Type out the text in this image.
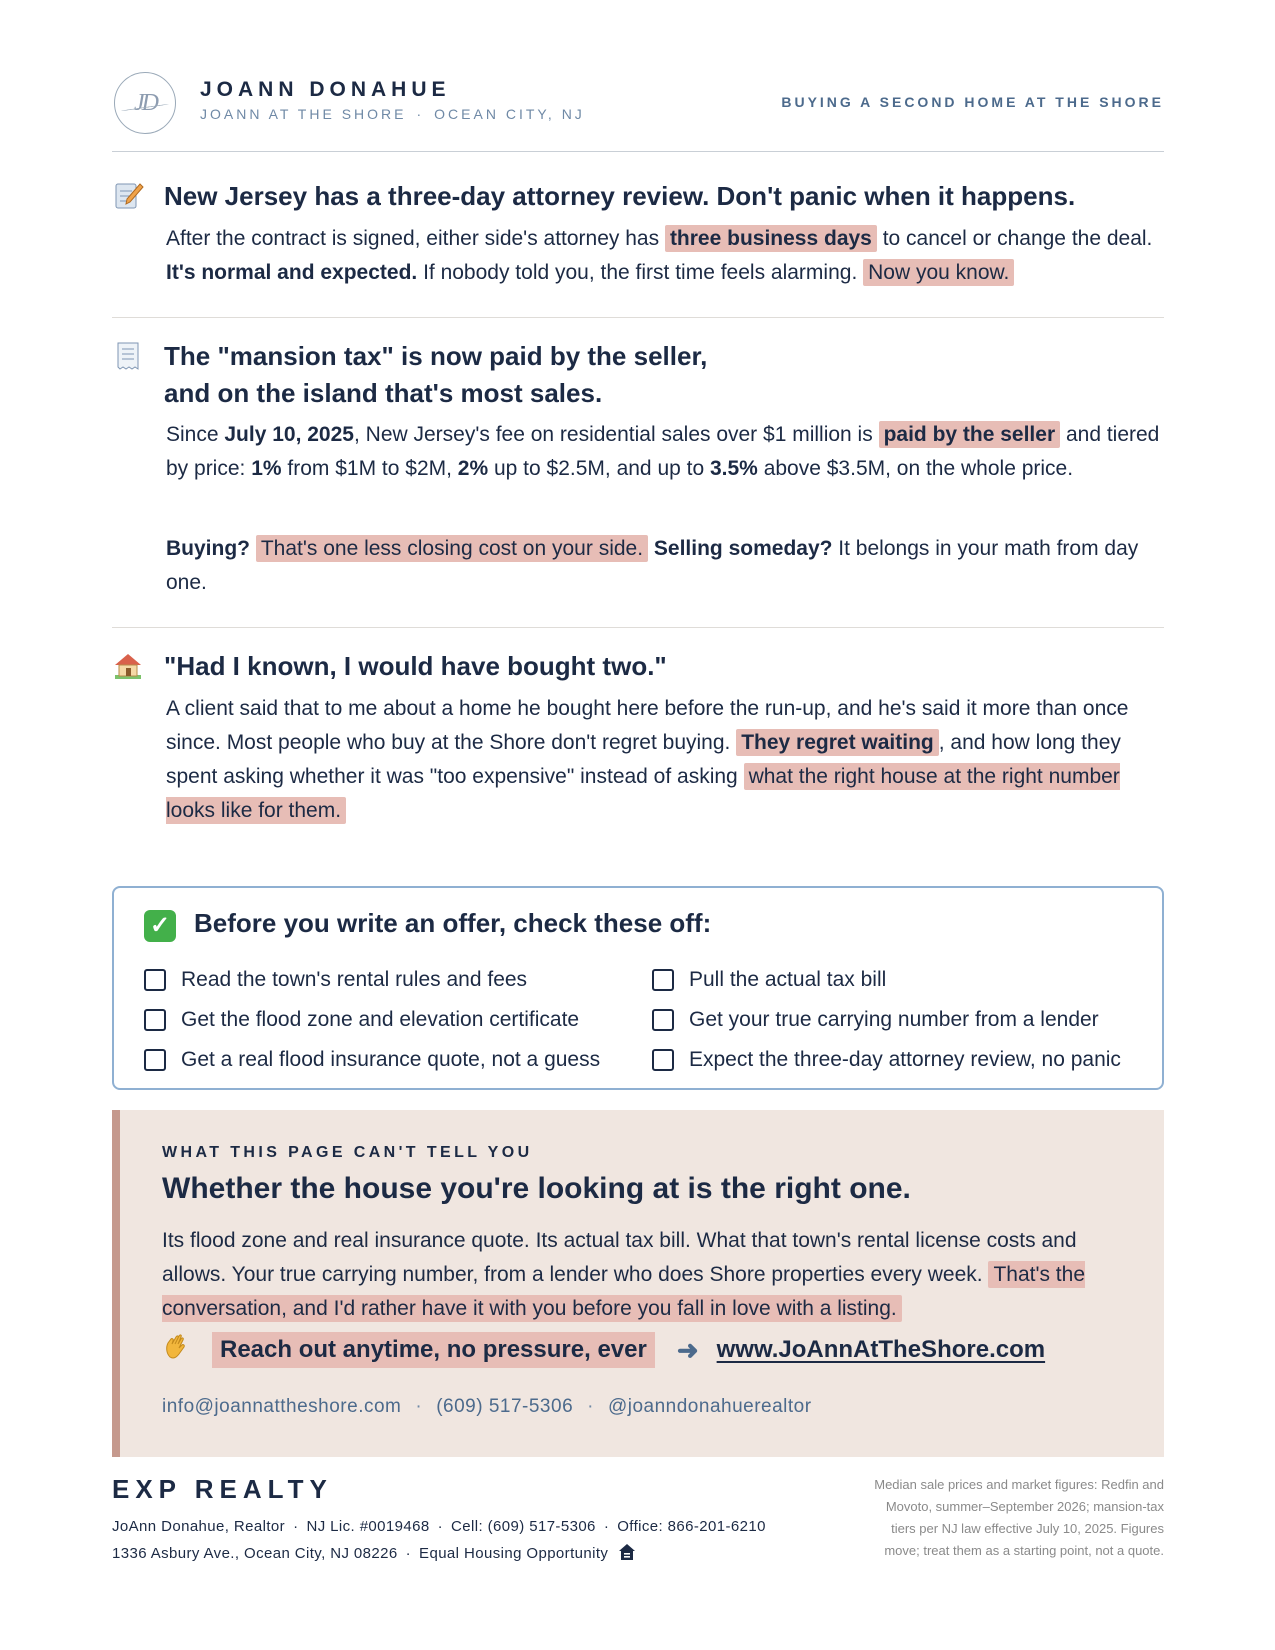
JD JOANN DONAHUE
JOANN AT THE SHORE · OCEAN CITY, NJ
BUYING A SECOND HOME AT THE SHORE
New Jersey has a three-day attorney review. Don't panic when it happens.
After the contract is signed, either side's attorney has three business days to cancel or change the deal. It's normal and expected. If nobody told you, the first time feels alarming. Now you know.
The "mansion tax" is now paid by the seller,
and on the island that's most sales.
Since July 10, 2025, New Jersey's fee on residential sales over $1 million is paid by the seller and tiered by price: 1% from $1M to $2M, 2% up to $2.5M, and up to 3.5% above $3.5M, on the whole price.
Buying? That's one less closing cost on your side. Selling someday? It belongs in your math from day one.
"Had I known, I would have bought two."
A client said that to me about a home he bought here before the run-up, and he's said it more than once since. Most people who buy at the Shore don't regret buying. They regret waiting , and how long they spent asking whether it was "too expensive" instead of asking what the right house at the right number looks like for them.
✓ Before you write an offer, check these off:
Read the town's rental rules and fees
Get the flood zone and elevation certificate
Get a real flood insurance quote, not a guess
Pull the actual tax bill
Get your true carrying number from a lender
Expect the three-day attorney review, no panic
WHAT THIS PAGE CAN'T TELL YOU
Whether the house you're looking at is the right one.
Its flood zone and real insurance quote. Its actual tax bill. What that town's rental license costs and allows. Your true carrying number, from a lender who does Shore properties every week. That's the conversation, and I'd rather have it with you before you fall in love with a listing.
Reach out anytime, no pressure, ever	➜ www.JoAnnAtTheShore.com
info@joannattheshore.com · (609) 517-5306 · @joanndonahuerealtor
EXP REALTY
JoAnn Donahue, Realtor · NJ Lic. #0019468 · Cell: (609) 517-5306 · Office: 866-201-6210
1336 Asbury Ave., Ocean City, NJ 08226 · Equal Housing Opportunity
Median sale prices and market figures: Redfin and Movoto, summer–September 2026; mansion-tax tiers per NJ law effective July 10, 2025. Figures move; treat them as a starting point, not a quote.
